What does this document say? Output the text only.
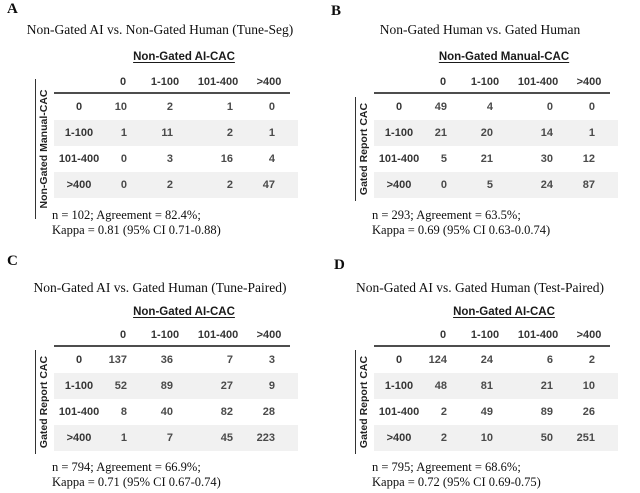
A
Non-Gated AI vs. Non-Gated Human (Tune-Seg)
Non-Gated AI-CAC
Non-Gated Manual-CAC
0	1-100	101-400	>400
0	10	2	1	0
1-100	1	11	2	1
101-400	0	3	16	4
>400	0	2	2	47
n = 102; Agreement = 82.4%;
Kappa = 0.81 (95% CI 0.71-0.88)
B
Non-Gated Human vs. Gated Human
Non-Gated Manual-CAC
Gated Report CAC
0	1-100	101-400	>400
0	49	4	0	0
1-100	21	20	14	1
101-400	5	21	30	12
>400	0	5	24	87
n = 293; Agreement = 63.5%;
Kappa = 0.69 (95% CI 0.63-0.0.74)
C
Non-Gated AI vs. Gated Human (Tune-Paired)
Non-Gated AI-CAC
Gated Report CAC
0	1-100	101-400	>400
0	137	36	7	3
1-100	52	89	27	9
101-400	8	40	82	28
>400	1	7	45	223
n = 794; Agreement = 66.9%;
Kappa = 0.71 (95% CI 0.67-0.74)
D
Non-Gated AI vs. Gated Human (Test-Paired)
Non-Gated AI-CAC
Gated Report CAC
0	1-100	101-400	>400
0	124	24	6	2
1-100	48	81	21	10
101-400	2	49	89	26
>400	2	10	50	251
n = 795; Agreement = 68.6%;
Kappa = 0.72 (95% CI 0.69-0.75)
